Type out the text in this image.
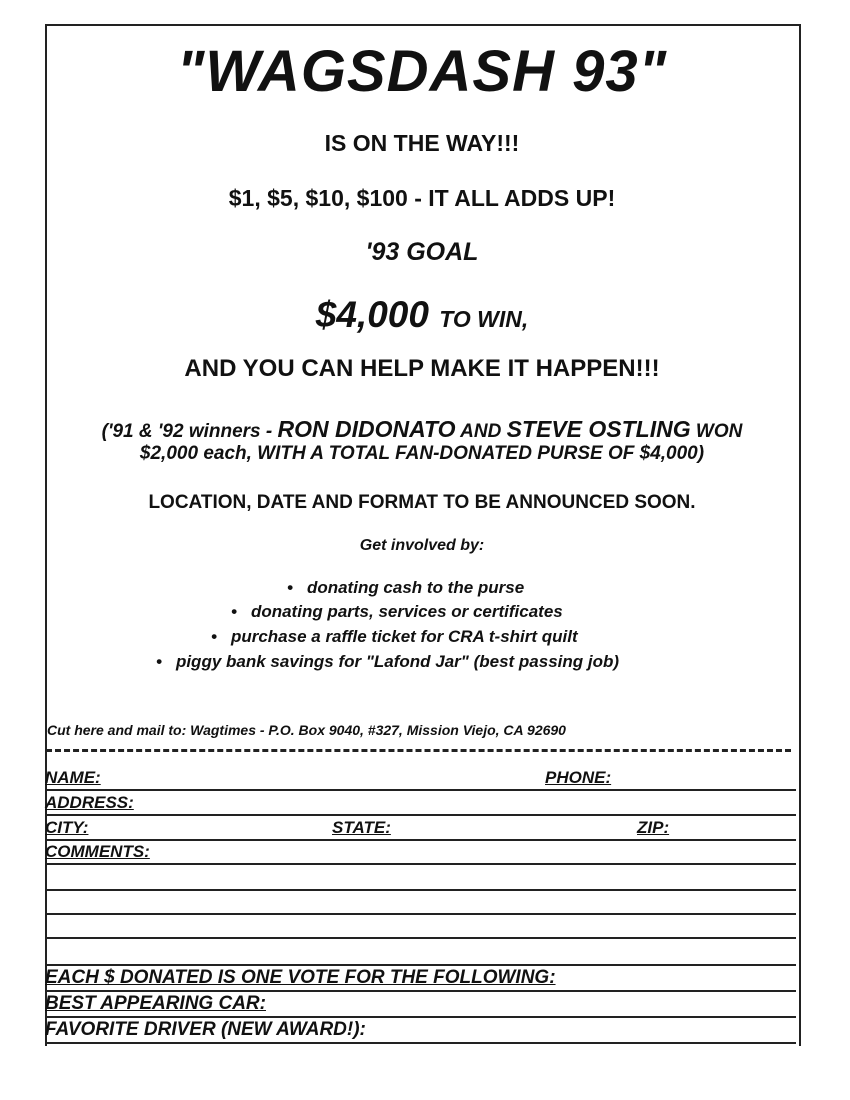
"WAGSDASH 93"
IS ON THE WAY!!!
$1, $5, $10, $100 - IT ALL ADDS UP!
'93 GOAL
$4,000 TO WIN,
AND YOU CAN HELP MAKE IT HAPPEN!!!
('91 & '92 winners - RON DIDONATO AND STEVE OSTLING WON
$2,000 each, WITH A TOTAL FAN-DONATED PURSE OF $4,000)
LOCATION, DATE AND FORMAT TO BE ANNOUNCED SOON.
Get involved by:
• donating cash to the purse
• donating parts, services or certificates
• purchase a raffle ticket for CRA t-shirt quilt
• piggy bank savings for "Lafond Jar" (best passing job)
Cut here and mail to: Wagtimes - P.O. Box 9040, #327, Mission Viejo, CA 92690
NAME:	PHONE:
ADDRESS:
CITY:	STATE:	ZIP:
COMMENTS:
EACH $ DONATED IS ONE VOTE FOR THE FOLLOWING:
BEST APPEARING CAR:
FAVORITE DRIVER (NEW AWARD!):
